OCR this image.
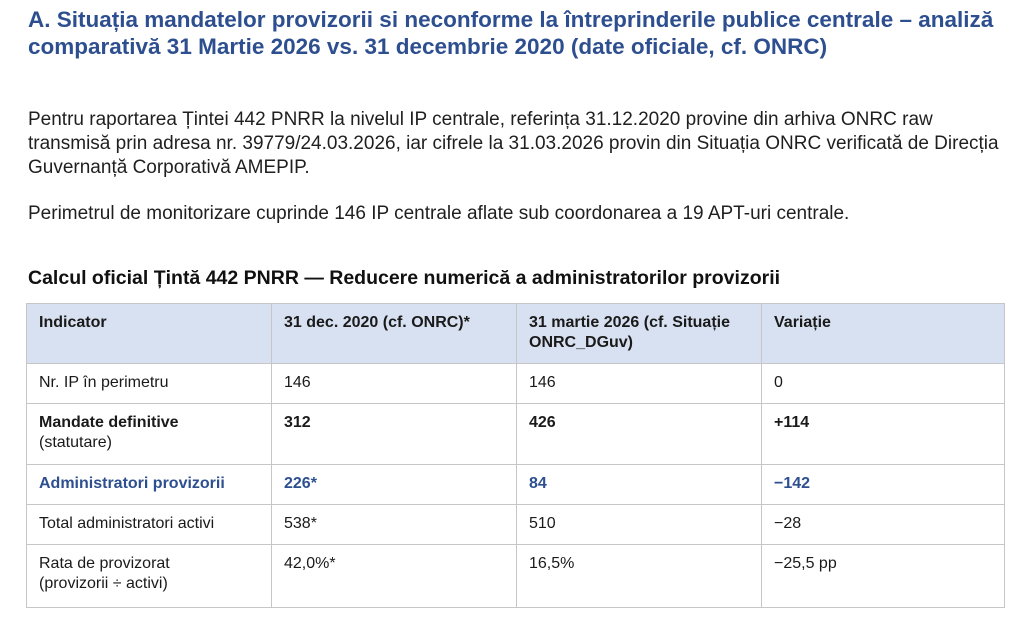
A. Situația mandatelor provizorii si neconforme la întreprinderile publice centrale – analiză comparativă 31 Martie 2026 vs. 31 decembrie 2020 (date oficiale, cf. ONRC)

Pentru raportarea Țintei 442 PNRR la nivelul IP centrale, referința 31.12.2020 provine din arhiva ONRC raw transmisă prin adresa nr. 39779/24.03.2026, iar cifrele la 31.03.2026 provin din Situația ONRC verificată de Direcția Guvernanță Corporativă AMEPIP.

Perimetrul de monitorizare cuprinde 146 IP centrale aflate sub coordonarea a 19 APT-uri centrale.

Calcul oficial Țintă 442 PNRR — Reducere numerică a administratorilor provizorii
Indicator	31 dec. 2020 (cf. ONRC)*	31 martie 2026 (cf. Situație ONRC_DGuv)	Variație
Nr. IP în perimetru	146	146	0
Mandate definitive
(statutare)	312	426	+114
Administratori provizorii	226*	84	−142
Total administratori activi	538*	510	−28
Rata de provizorat
(provizorii ÷ activi)	42,0%*	16,5%	−25,5 pp
